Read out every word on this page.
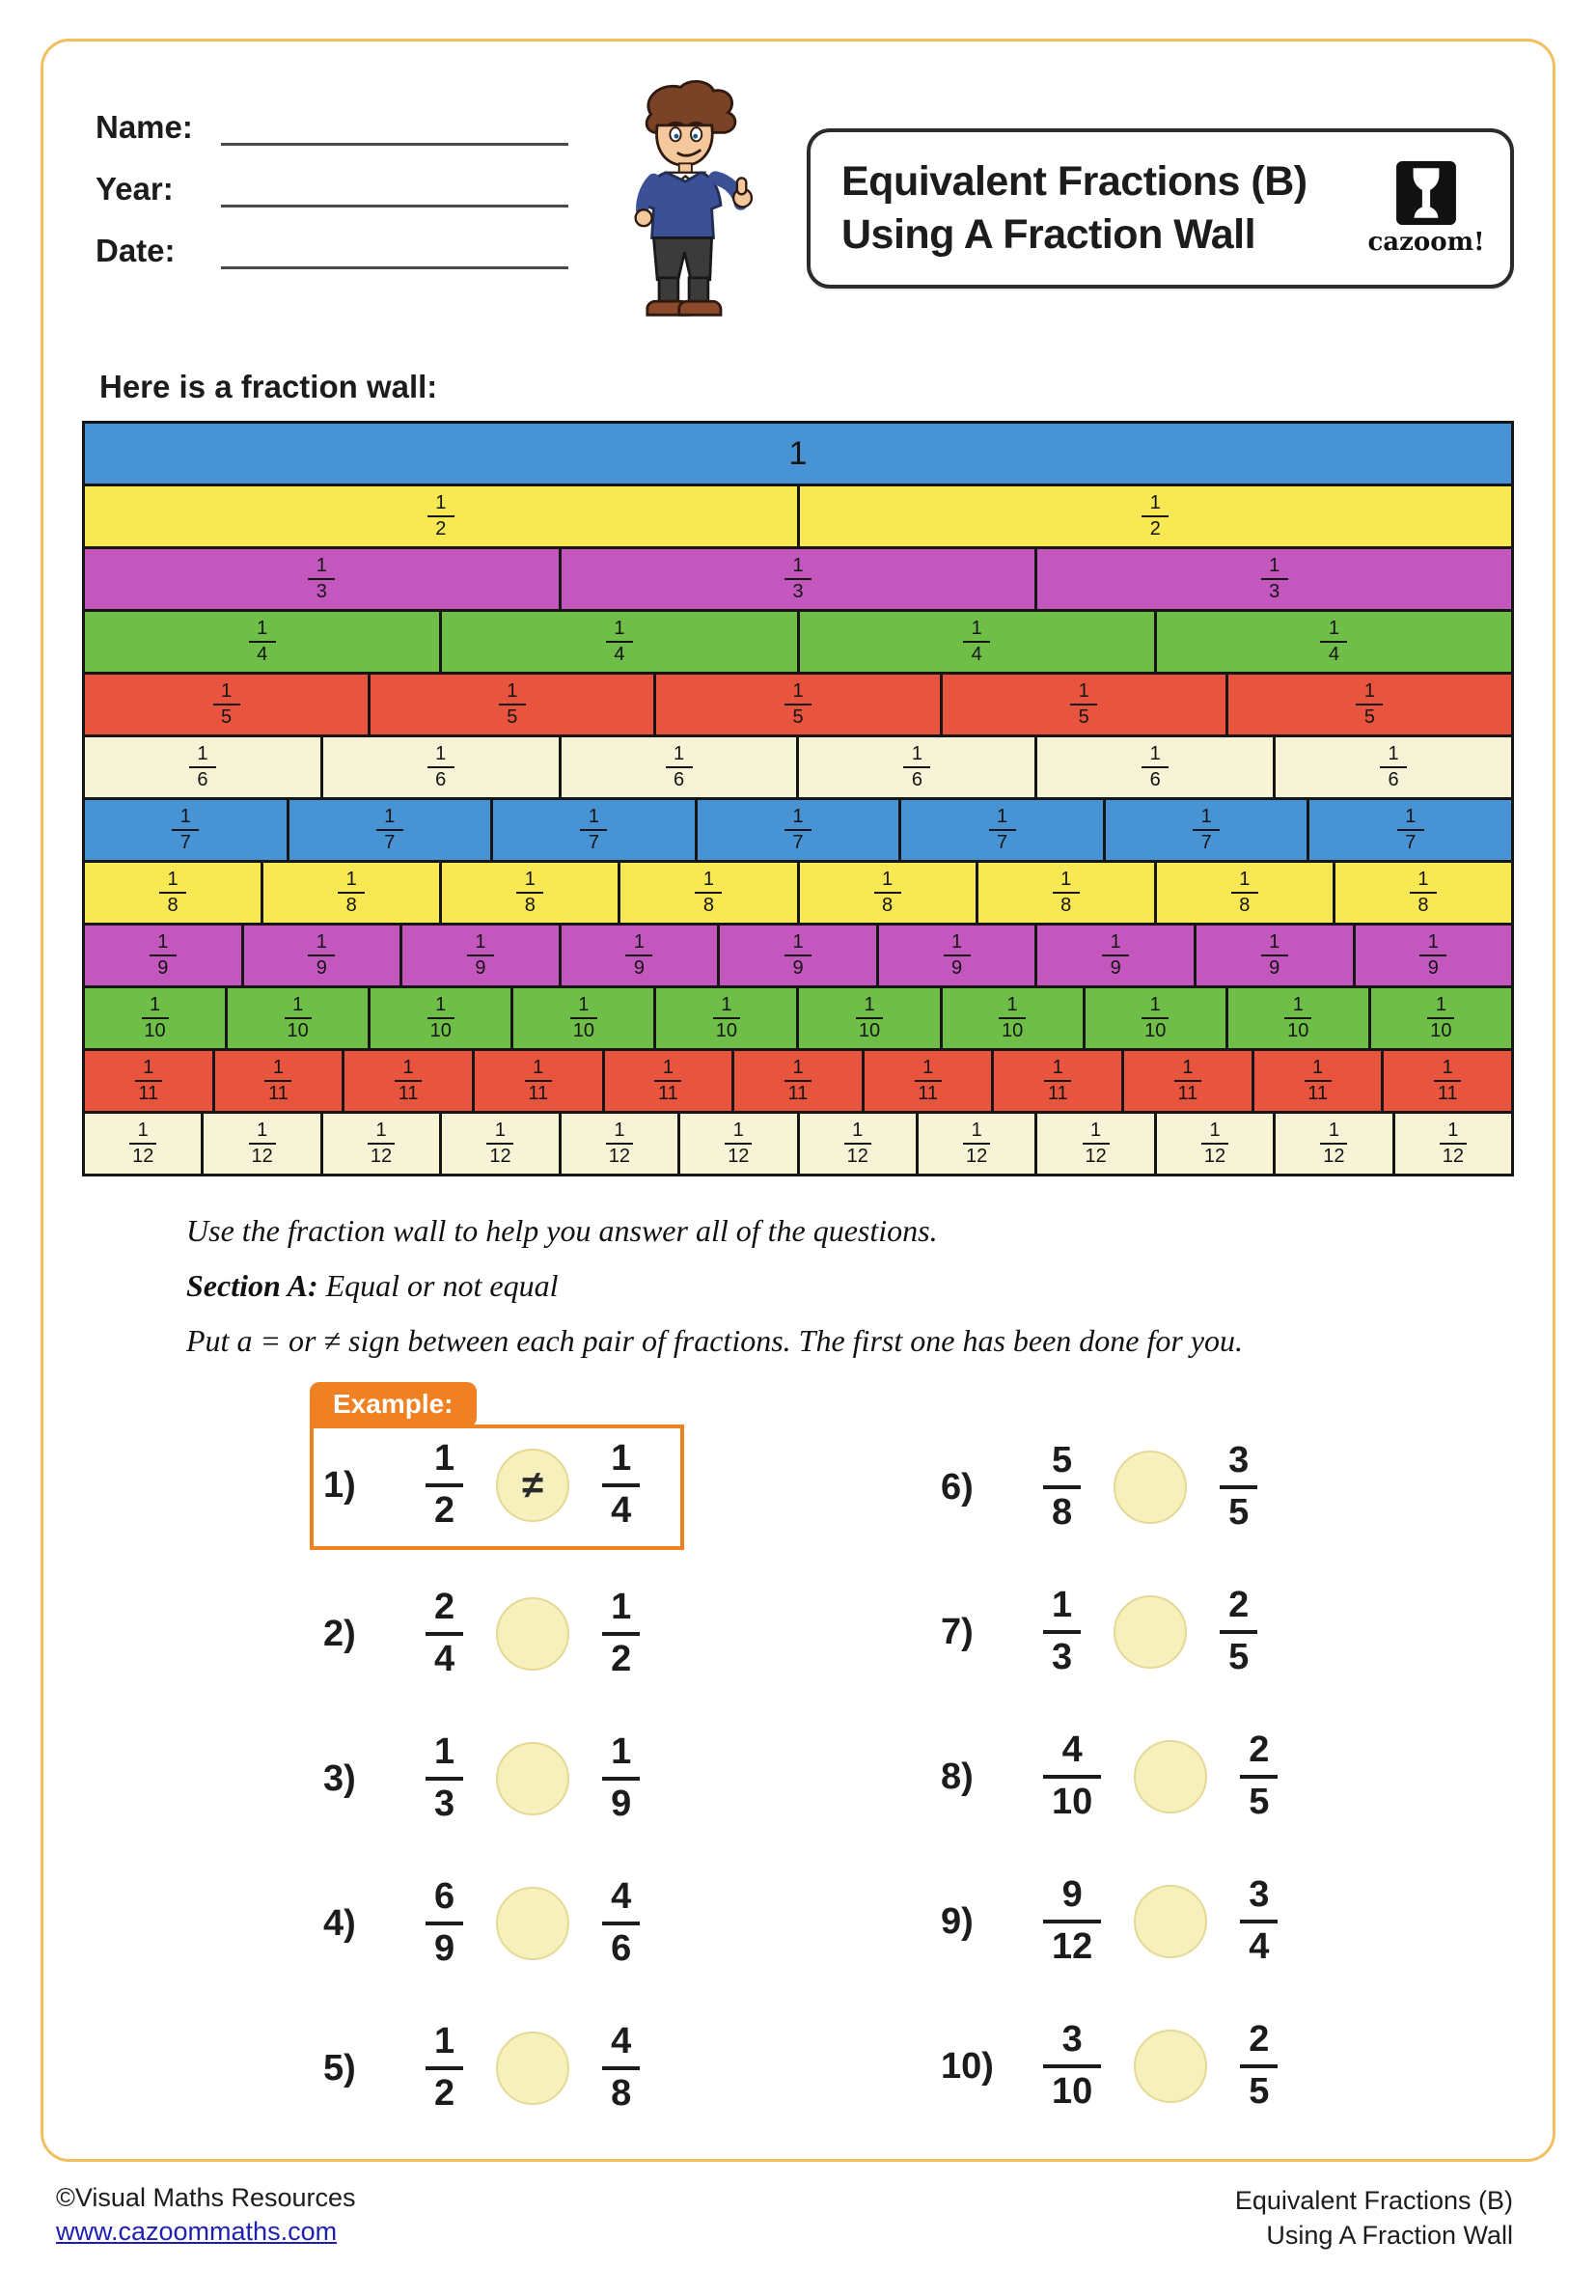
Name:
Year:
Date:
Equivalent Fractions (B)
Using A Fraction Wall	cazoom!
Here is a fraction wall:
1
$\frac{1}{2}$	$\frac{1}{2}$
$\frac{1}{3}$	$\frac{1}{3}$	$\frac{1}{3}$
$\frac{1}{4}$	$\frac{1}{4}$	$\frac{1}{4}$	$\frac{1}{4}$
$\frac{1}{5}$	$\frac{1}{5}$	$\frac{1}{5}$	$\frac{1}{5}$	$\frac{1}{5}$
$\frac{1}{6}$	$\frac{1}{6}$	$\frac{1}{6}$	$\frac{1}{6}$	$\frac{1}{6}$	$\frac{1}{6}$
$\frac{1}{7}$	$\frac{1}{7}$	$\frac{1}{7}$	$\frac{1}{7}$	$\frac{1}{7}$	$\frac{1}{7}$	$\frac{1}{7}$
$\frac{1}{8}$	$\frac{1}{8}$	$\frac{1}{8}$	$\frac{1}{8}$	$\frac{1}{8}$	$\frac{1}{8}$	$\frac{1}{8}$	$\frac{1}{8}$
$\frac{1}{9}$	$\frac{1}{9}$	$\frac{1}{9}$	$\frac{1}{9}$	$\frac{1}{9}$	$\frac{1}{9}$	$\frac{1}{9}$	$\frac{1}{9}$	$\frac{1}{9}$
$\frac{1}{10}$	$\frac{1}{10}$	$\frac{1}{10}$	$\frac{1}{10}$	$\frac{1}{10}$	$\frac{1}{10}$	$\frac{1}{10}$	$\frac{1}{10}$	$\frac{1}{10}$	$\frac{1}{10}$
$\frac{1}{11}$	$\frac{1}{11}$	$\frac{1}{11}$	$\frac{1}{11}$	$\frac{1}{11}$	$\frac{1}{11}$	$\frac{1}{11}$	$\frac{1}{11}$	$\frac{1}{11}$	$\frac{1}{11}$	$\frac{1}{11}$
$\frac{1}{12}$	$\frac{1}{12}$	$\frac{1}{12}$	$\frac{1}{12}$	$\frac{1}{12}$	$\frac{1}{12}$	$\frac{1}{12}$	$\frac{1}{12}$	$\frac{1}{12}$	$\frac{1}{12}$	$\frac{1}{12}$	$\frac{1}{12}$

Use the fraction wall to help you answer all of the questions.

Section A: Equal or not equal

Put a = or ≠ sign between each pair of fractions. The first one has been done for you.

Example:
1)	$\frac{1}{2}$	≠	$\frac{1}{4}$
2)	$\frac{2}{4}$	$\frac{1}{2}$
3)	$\frac{1}{3}$	$\frac{1}{9}$
4)	$\frac{6}{9}$	$\frac{4}{6}$
5)	$\frac{1}{2}$	$\frac{4}{8}$
6)	$\frac{5}{8}$	$\frac{3}{5}$
7)	$\frac{1}{3}$	$\frac{2}{5}$
8)	$\frac{4}{10}$	$\frac{2}{5}$
9)	$\frac{9}{12}$	$\frac{3}{4}$
10)	$\frac{3}{10}$	$\frac{2}{5}$
©Visual Maths Resources
www.cazoommaths.com
Equivalent Fractions (B)
Using A Fraction Wall
